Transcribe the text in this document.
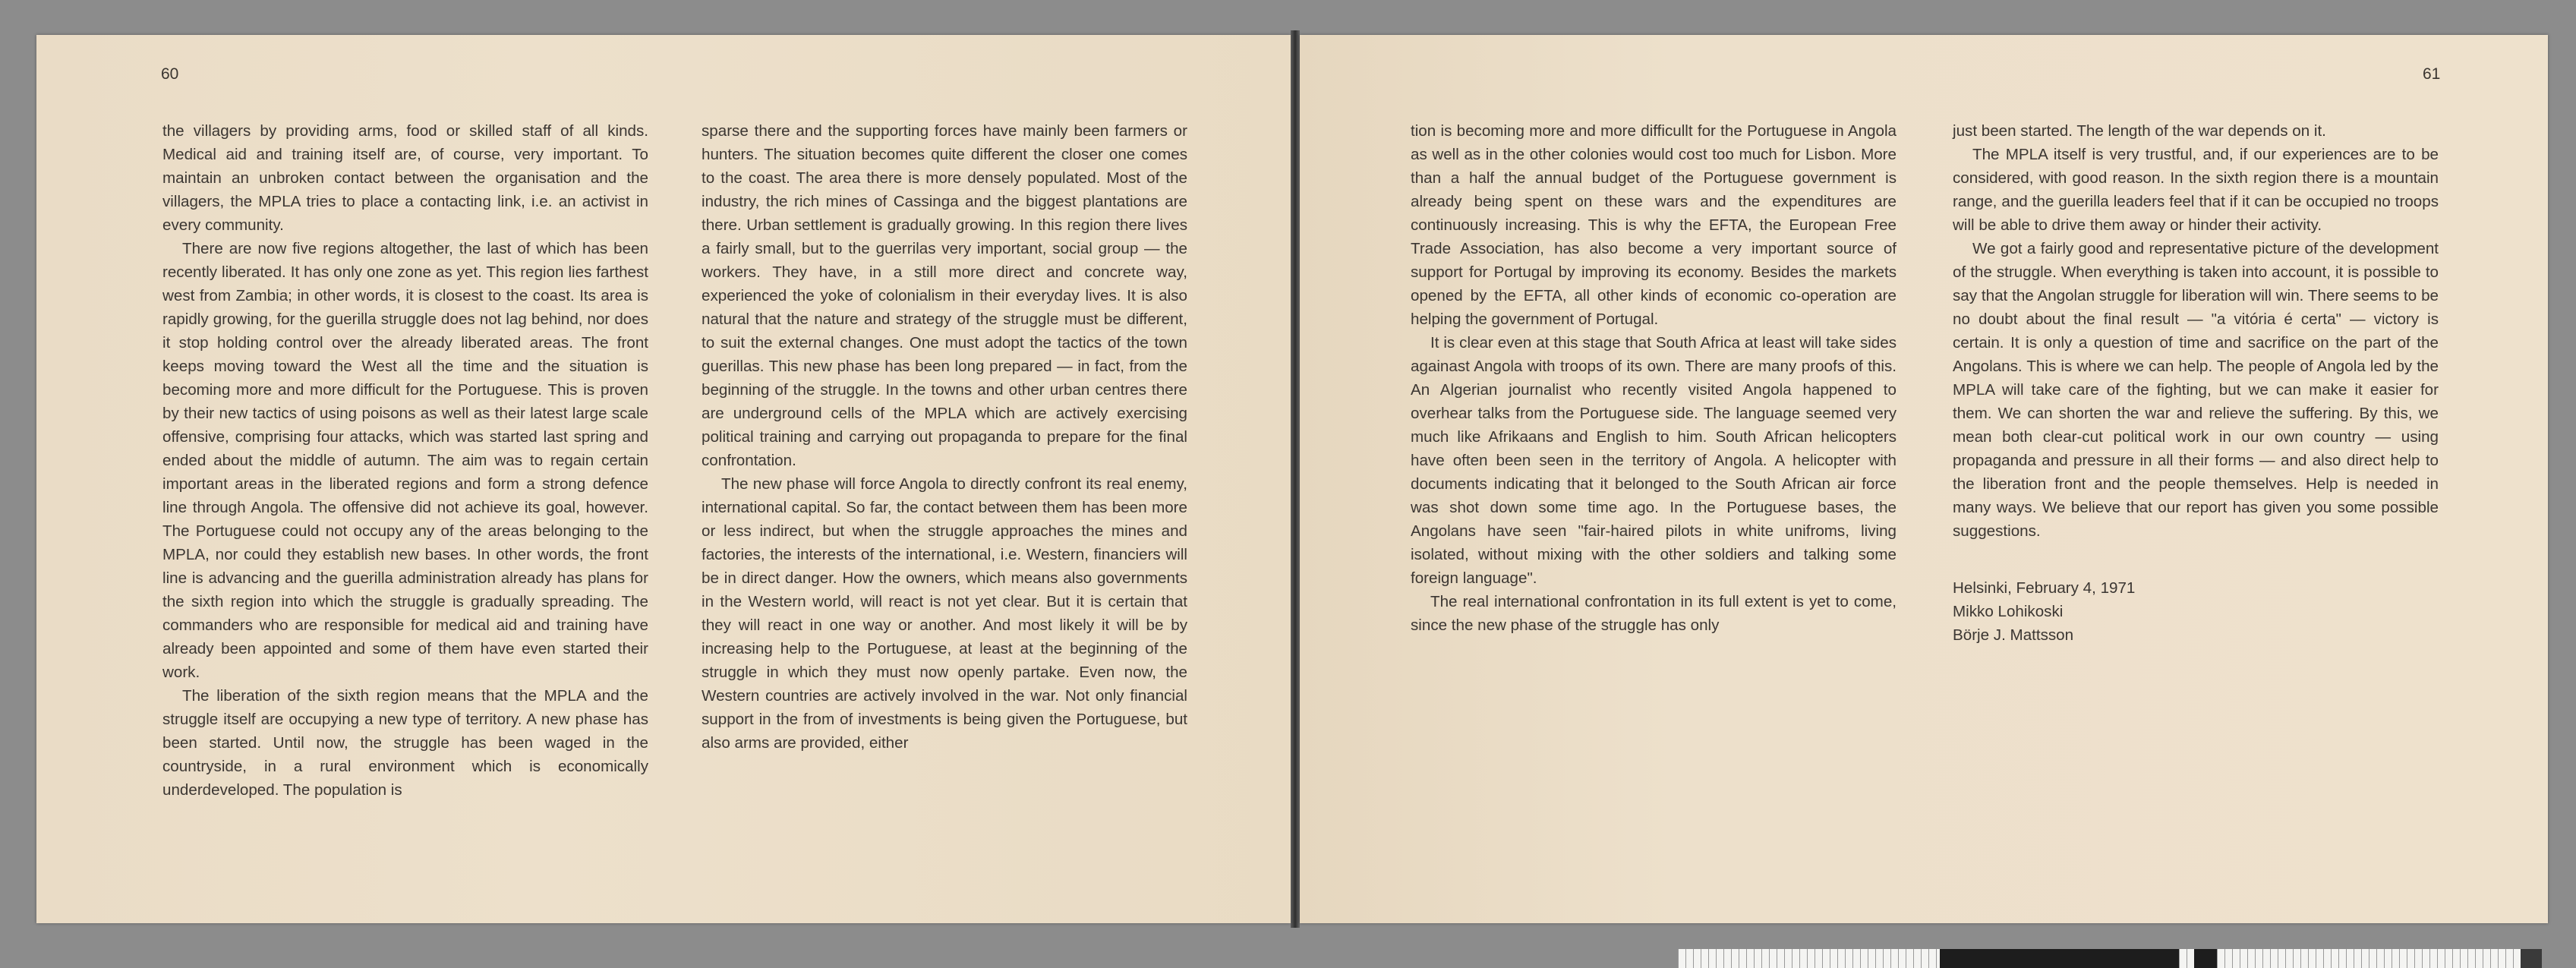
60	61

the villagers by providing arms, food or skilled staff of all kinds. Medical aid and training itself are, of course, very important. To maintain an unbroken contact between the organisation and the villagers, the MPLA tries to place a contacting link, i.e. an activist in every community.

There are now five regions altogether, the last of which has been recently liberated. It has only one zone as yet. This region lies farthest west from Zambia; in other words, it is closest to the coast. Its area is rapidly growing, for the guerilla struggle does not lag behind, nor does it stop holding control over the already liberated areas. The front keeps moving toward the West all the time and the situation is becoming more and more difficult for the Portuguese. This is proven by their new tactics of using poisons as well as their latest large scale offensive, comprising four attacks, which was started last spring and ended about the middle of autumn. The aim was to regain certain important areas in the liberated regions and form a strong defence line through Angola. The offensive did not achieve its goal, however. The Portuguese could not occupy any of the areas belonging to the MPLA, nor could they establish new bases. In other words, the front line is advancing and the guerilla administration already has plans for the sixth region into which the struggle is gradually spreading. The commanders who are responsible for medical aid and training have already been appointed and some of them have even started their work.

The liberation of the sixth region means that the MPLA and the struggle itself are occupying a new type of territory. A new phase has been started. Until now, the struggle has been waged in the countryside, in a rural environment which is economically underdeveloped. The population is

sparse there and the supporting forces have mainly been farmers or hunters. The situation becomes quite different the closer one comes to the coast. The area there is more densely populated. Most of the industry, the rich mines of Cassinga and the biggest plantations are there. Urban settlement is gradually growing. In this region there lives a fairly small, but to the guerrilas very important, social group — the workers. They have, in a still more direct and concrete way, experienced the yoke of colonialism in their everyday lives. It is also natural that the nature and strategy of the struggle must be different, to suit the external changes. One must adopt the tactics of the town guerillas. This new phase has been long prepared — in fact, from the beginning of the struggle. In the towns and other urban centres there are underground cells of the MPLA which are actively exercising political training and carrying out propaganda to prepare for the final confrontation.

The new phase will force Angola to directly confront its real enemy, international capital. So far, the contact between them has been more or less indirect, but when the struggle approaches the mines and factories, the interests of the international, i.e. Western, financiers will be in direct danger. How the owners, which means also governments in the Western world, will react is not yet clear. But it is certain that they will react in one way or another. And most likely it will be by increasing help to the Portuguese, at least at the beginning of the struggle in which they must now openly partake. Even now, the Western countries are actively involved in the war. Not only financial support in the from of investments is being given the Portuguese, but also arms are provided, either

tion is becoming more and more difficullt for the Portuguese in Angola as well as in the other colonies would cost too much for Lisbon. More than a half the annual budget of the Portuguese government is already being spent on these wars and the expenditures are continuously increasing. This is why the EFTA, the European Free Trade Association, has also become a very important source of support for Portugal by improving its economy. Besides the markets opened by the EFTA, all other kinds of economic co-operation are helping the government of Portugal.

It is clear even at this stage that South Africa at least will take sides againast Angola with troops of its own. There are many proofs of this. An Algerian journalist who recently visited Angola happened to overhear talks from the Portuguese side. The language seemed very much like Afrikaans and English to him. South African helicopters have often been seen in the territory of Angola. A helicopter with documents indicating that it belonged to the South African air force was shot down some time ago. In the Portuguese bases, the Angolans have seen "fair-haired pilots in white unifroms, living isolated, without mixing with the other soldiers and talking some foreign language".

The real international confrontation in its full extent is yet to come, since the new phase of the struggle has only

just been started. The length of the war depends on it.

The MPLA itself is very trustful, and, if our experiences are to be considered, with good reason. In the sixth region there is a mountain range, and the guerilla leaders feel that if it can be occupied no troops will be able to drive them away or hinder their activity.

We got a fairly good and representative picture of the development of the struggle. When everything is taken into account, it is possible to say that the Angolan struggle for liberation will win. There seems to be no doubt about the final result — "a vitória é certa" — victory is certain. It is only a question of time and sacrifice on the part of the Angolans. This is where we can help. The people of Angola led by the MPLA will take care of the fighting, but we can make it easier for them. We can shorten the war and relieve the suffering. By this, we mean both clear-cut political work in our own country — using propaganda and pressure in all their forms — and also direct help to the liberation front and the people themselves. Help is needed in many ways. We believe that our report has given you some possible suggestions.

Helsinki, February 4, 1971
Mikko Lohikoski
Börje J. Mattsson
